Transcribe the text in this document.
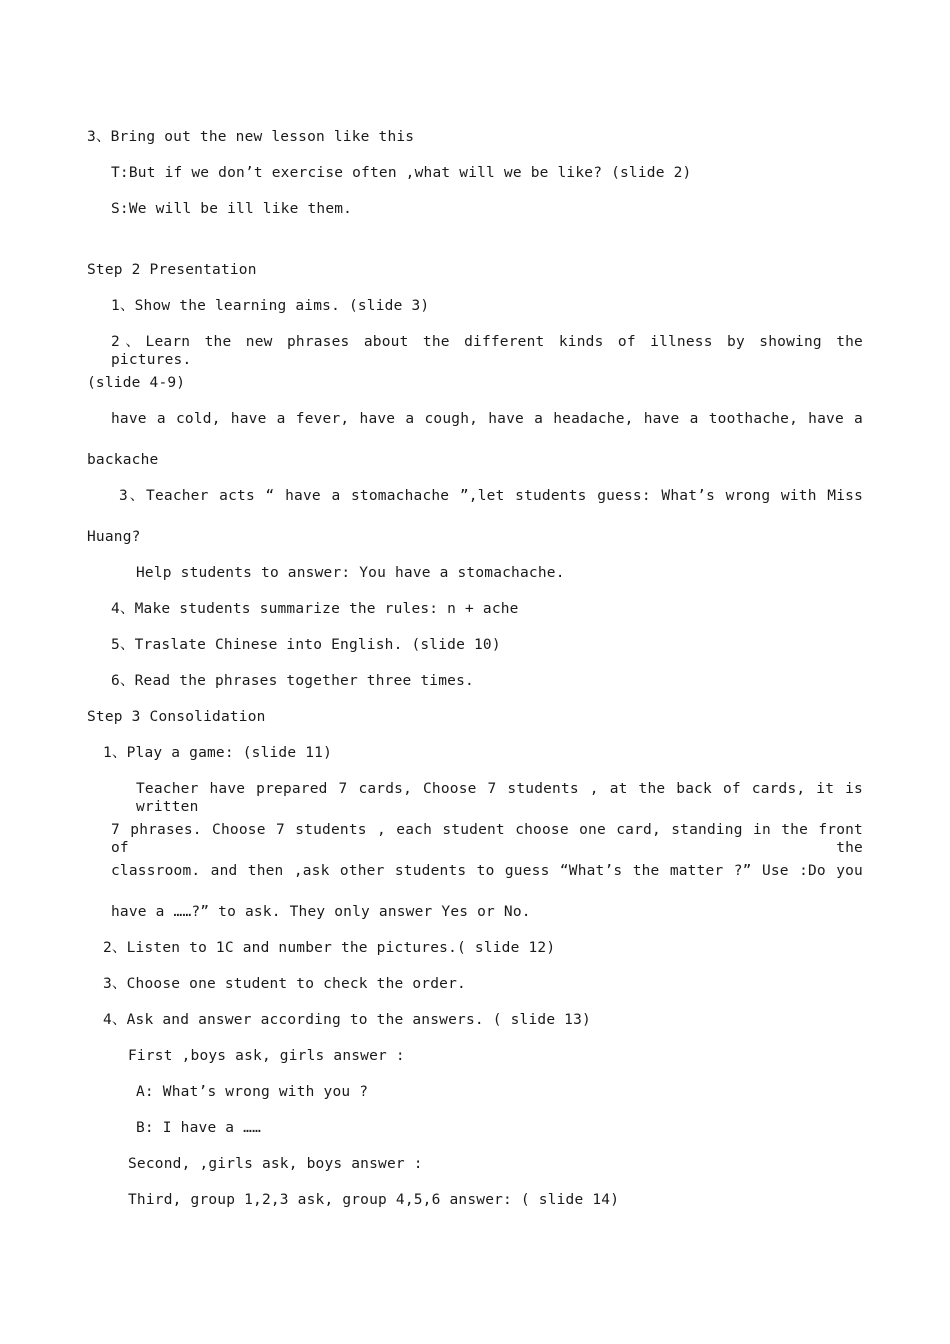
3、Bring out the new lesson like this
T:But if we don’t exercise often ,what will we be like? (slide 2)
S:We will be ill like them.
Step 2 Presentation
1、Show the learning aims. (slide 3)
2、Learn the new phrases about the different kinds of illness by showing the pictures.
(slide 4-9)
have a cold, have a fever, have a cough, have a headache, have a toothache, have a
backache
3、Teacher acts “ have a stomachache ”,let students guess: What’s wrong with Miss
Huang?
Help students to answer: You have a stomachache.
4、Make students summarize the rules: n + ache
5、Traslate Chinese into English. (slide 10)
6、Read the phrases together three times.
Step 3 Consolidation
1、Play a game: (slide 11)
Teacher have prepared 7 cards, Choose 7 students , at the back of cards, it is written
7 phrases. Choose 7 students , each student choose one card, standing in the front of the
classroom. and then ,ask other students to guess “What’s the matter ?” Use :Do you
have a ……?” to ask. They only answer Yes or No.
2、Listen to 1C and number the pictures.( slide 12)
3、Choose one student to check the order.
4、Ask and answer according to the answers. ( slide 13)
First ,boys ask, girls answer :
A: What’s wrong with you ?
B: I have a ……
Second, ,girls ask, boys answer :
Third, group 1,2,3 ask, group 4,5,6 answer: ( slide 14)
